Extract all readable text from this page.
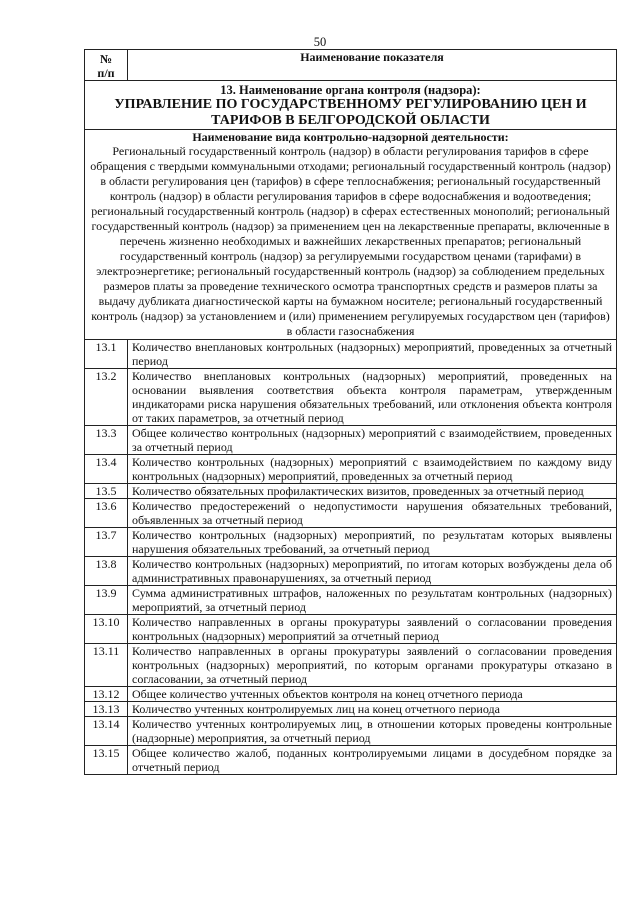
50
№
п/п	Наименование показателя

13. Наименование органа контроля (надзора):
УПРАВЛЕНИЕ ПО ГОСУДАРСТВЕННОМУ РЕГУЛИРОВАНИЮ ЦЕН И ТАРИФОВ В БЕЛГОРОДСКОЙ ОБЛАСТИ	

Наименование вида контрольно-надзорной деятельности:
Региональный государственный контроль (надзор) в области регулирования тарифов в сфере обращения с твердыми коммунальными отходами; региональный государственный контроль (надзор) в области регулирования цен (тарифов) в сфере теплоснабжения; региональный государственный контроль (надзор) в области регулирования тарифов в сфере водоснабжения и водоотведения; региональный государственный контроль (надзор) в сферах естественных монополий; региональный государственный контроль (надзор) за применением цен на лекарственные препараты, включенные в перечень жизненно необходимых и важнейших лекарственных препаратов; региональный государственный контроль (надзор) за регулируемыми государством ценами (тарифами) в электроэнергетике; региональный государственный контроль (надзор) за соблюдением предельных размеров платы за проведение технического осмотра транспортных средств и размеров платы за выдачу дубликата диагностической карты на бумажном носителе; региональный государственный контроль (надзор) за установлением и (или) применением регулируемых государством цен (тарифов) в области газоснабжения	

13.1	Количество внеплановых контрольных (надзорных) мероприятий, проведенных за отчетный период
13.2	Количество внеплановых контрольных (надзорных) мероприятий, проведенных на основании выявления соответствия объекта контроля параметрам, утвержденным индикаторами риска нарушения обязательных требований, или отклонения объекта контроля от таких параметров, за отчетный период
13.3	Общее количество контрольных (надзорных) мероприятий с взаимодействием, проведенных за отчетный период
13.4	Количество контрольных (надзорных) мероприятий с взаимодействием по каждому виду контрольных (надзорных) мероприятий, проведенных за отчетный период
13.5	Количество обязательных профилактических визитов, проведенных за отчетный период
13.6	Количество предостережений о недопустимости нарушения обязательных требований, объявленных за отчетный период
13.7	Количество контрольных (надзорных) мероприятий, по результатам которых выявлены нарушения обязательных требований, за отчетный период
13.8	Количество контрольных (надзорных) мероприятий, по итогам которых возбуждены дела об административных правонарушениях, за отчетный период
13.9	Сумма административных штрафов, наложенных по результатам контрольных (надзорных) мероприятий, за отчетный период
13.10	Количество направленных в органы прокуратуры заявлений о согласовании проведения контрольных (надзорных) мероприятий за отчетный период
13.11	Количество направленных в органы прокуратуры заявлений о согласовании проведения контрольных (надзорных) мероприятий, по которым органами прокуратуры отказано в согласовании, за отчетный период
13.12	Общее количество учтенных объектов контроля на конец отчетного периода
13.13	Количество учтенных контролируемых лиц на конец отчетного периода
13.14	Количество учтенных контролируемых лиц, в отношении которых проведены контрольные (надзорные) мероприятия, за отчетный период
13.15	Общее количество жалоб, поданных контролируемыми лицами в досудебном порядке за отчетный период
